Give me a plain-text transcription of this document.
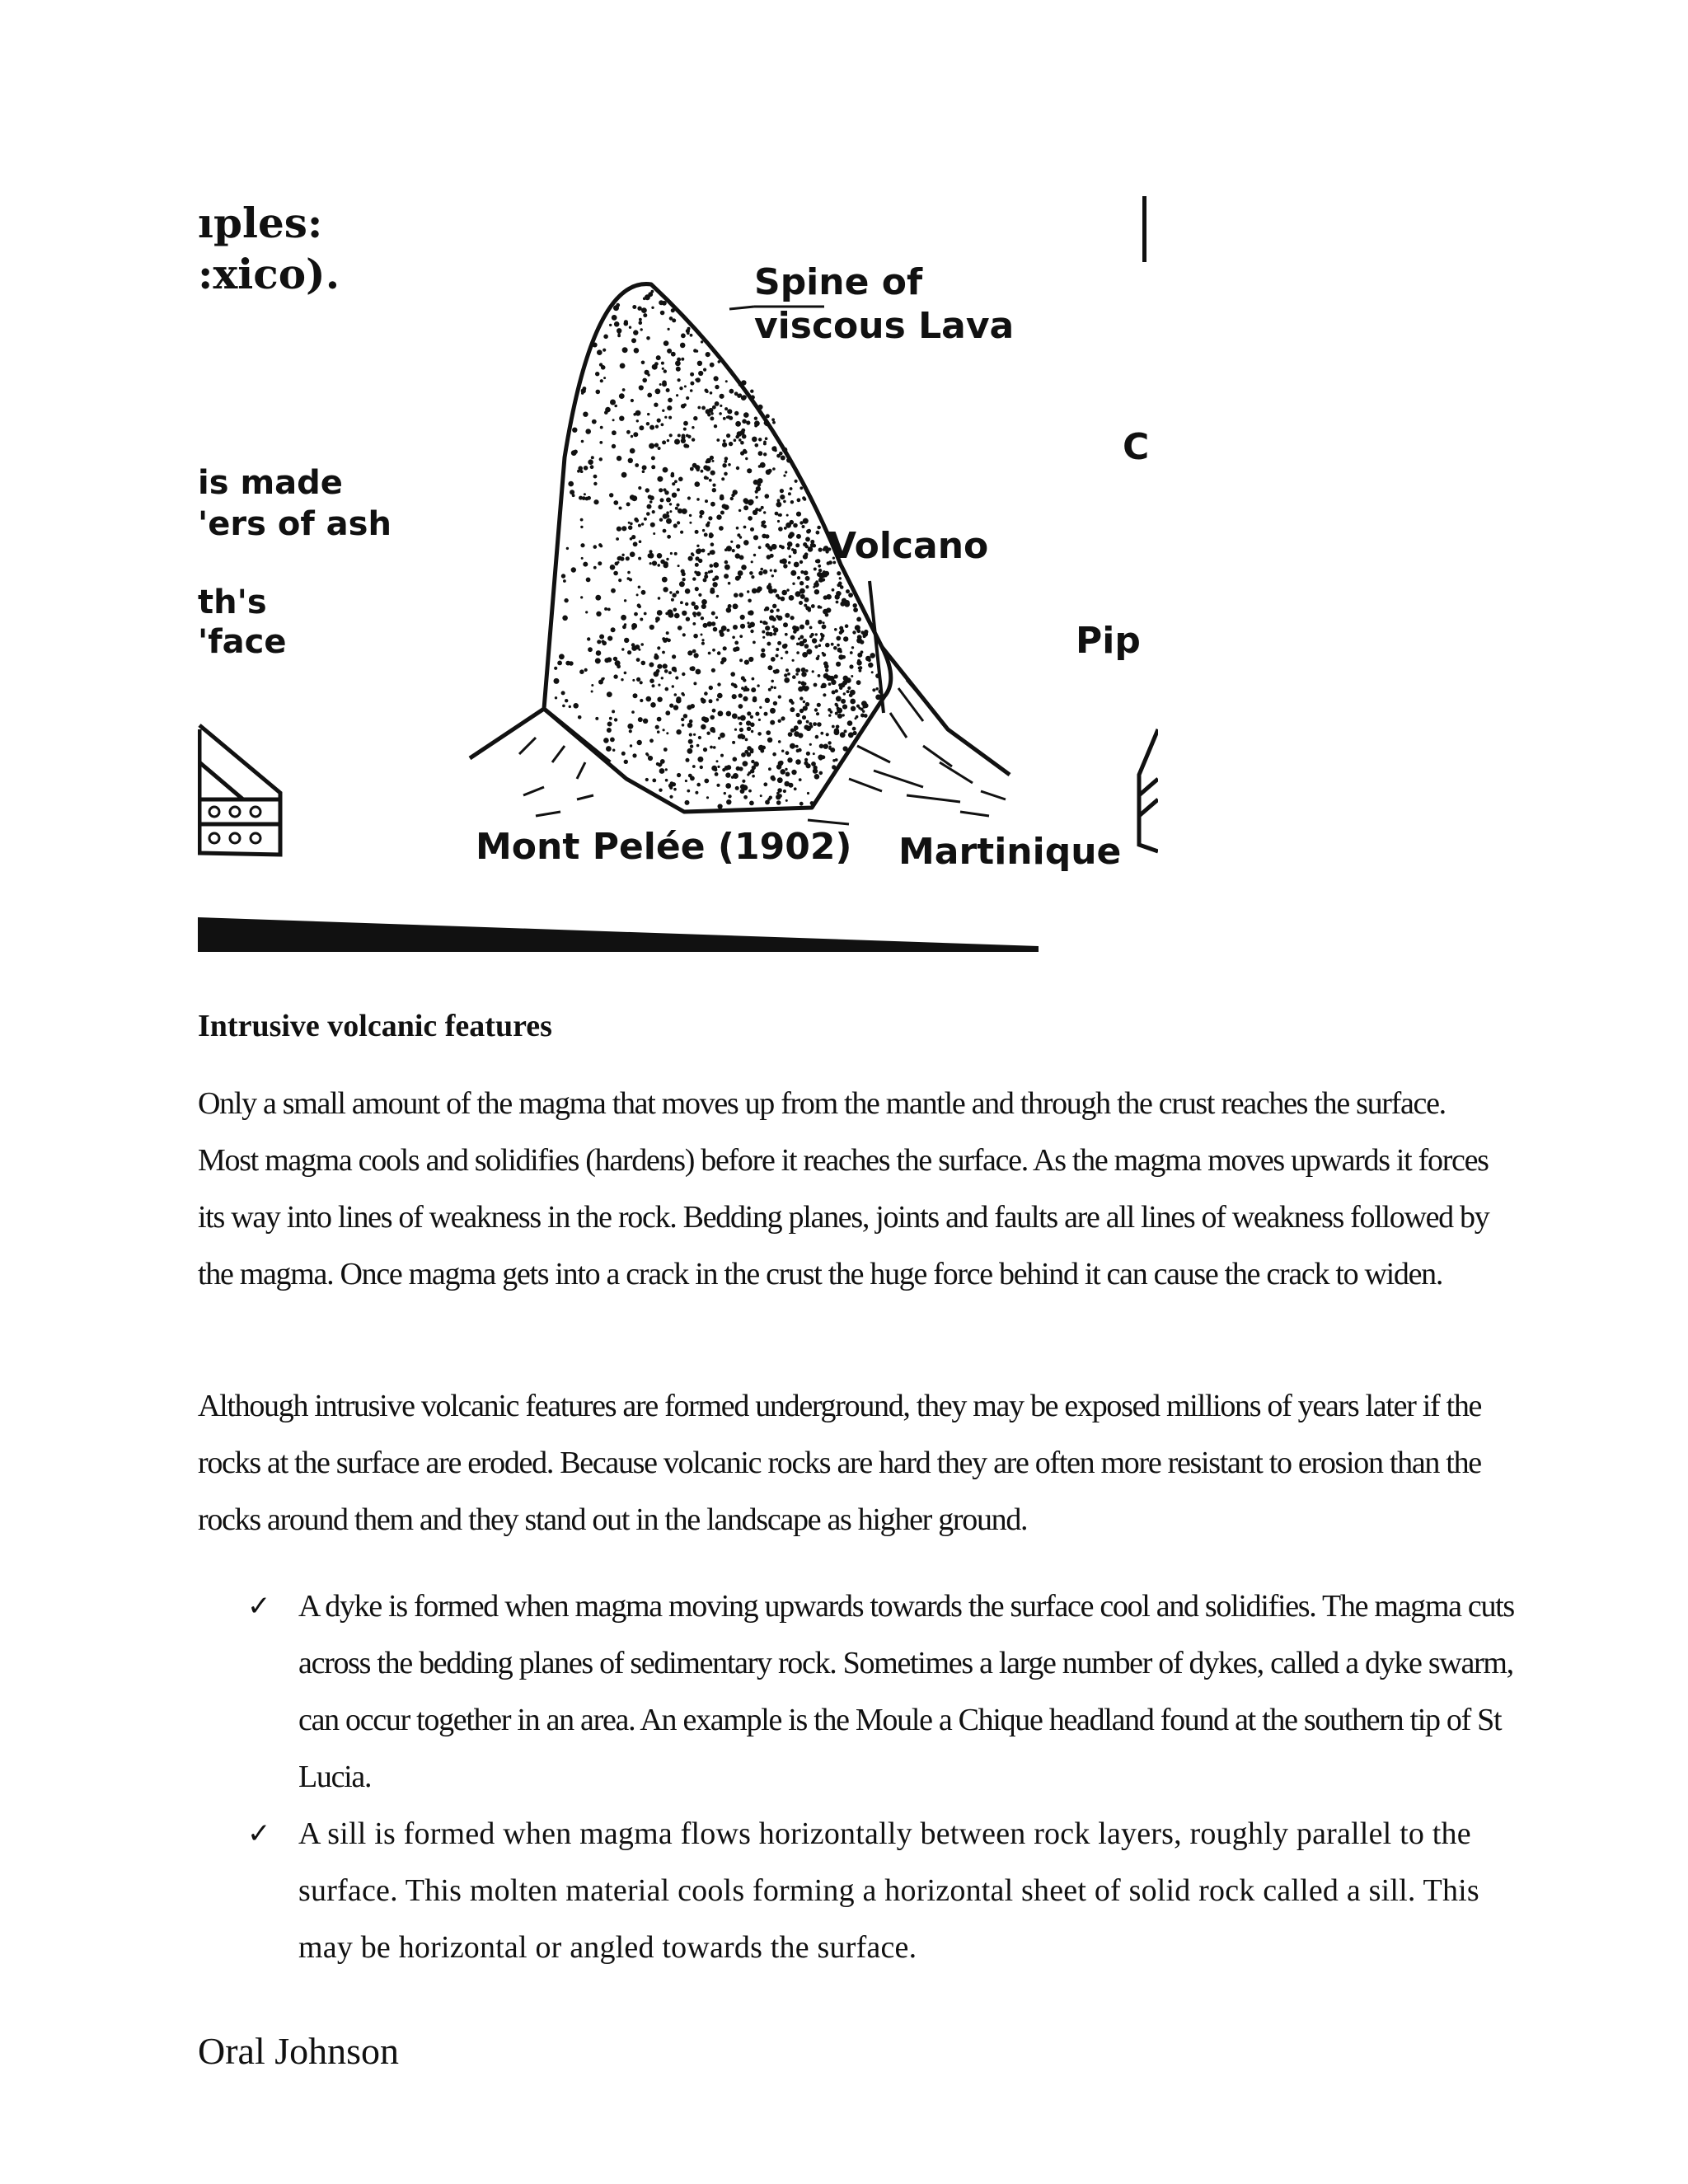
ıples:
:xico).
is made
'ers of ash
th's
'face
Spine of
viscous Lava
Volcano
C
Pip
Mont Pelée (1902) Martinique
Intrusive volcanic features

Only a small amount of the magma that moves up from the mantle and through the crust reaches the surface. Most magma cools and solidifies (hardens) before it reaches the surface. As the magma moves upwards it forces its way into lines of weakness in the rock. Bedding planes, joints and faults are all lines of weakness followed by the magma. Once magma gets into a crack in the crust the huge force behind it can cause the crack to widen.

Although intrusive volcanic features are formed underground, they may be exposed millions of years later if the rocks at the surface are eroded. Because volcanic rocks are hard they are often more resistant to erosion than the rocks around them and they stand out in the landscape as higher ground.

✓ A dyke is formed when magma moving upwards towards the surface cool and solidifies. The magma cuts across the bedding planes of sedimentary rock. Sometimes a large number of dykes, called a dyke swarm, can occur together in an area. An example is the Moule a Chique headland found at the southern tip of St Lucia.
✓ A sill is formed when magma flows horizontally between rock layers, roughly parallel to the surface. This molten material cools forming a horizontal sheet of solid rock called a sill. This may be horizontal or angled towards the surface.
Oral Johnson
